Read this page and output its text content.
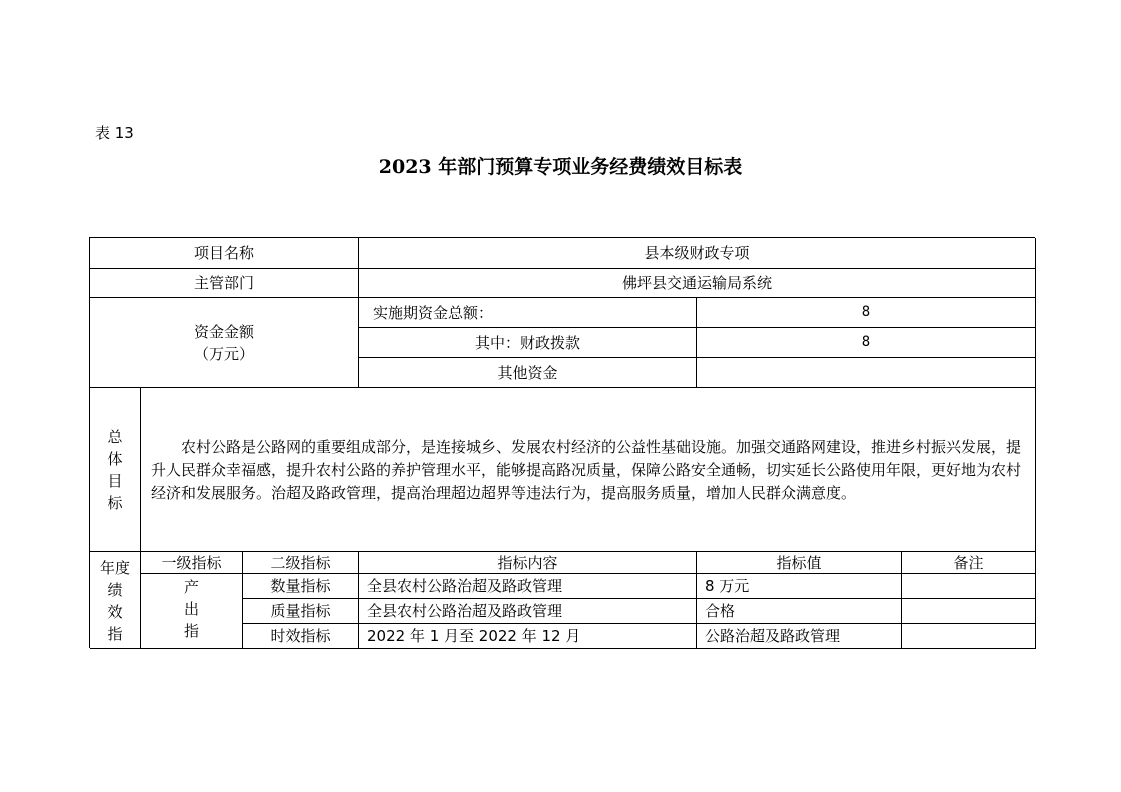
表 13
2023 年部门预算专项业务经费绩效目标表
项目名称	县本级财政专项
主管部门	佛坪县交通运输局系统
资金金额
（万元）
实施期资金总额：	8
其中：财政拨款	8
其他资金
总
体
目
标

农村公路是公路网的重要组成部分，是连接城乡、发展农村经济的公益性基础设施。加强交通路网建设，推进乡村振兴发展，提升人民群众幸福感，提升农村公路的养护管理水平，能够提高路况质量，保障公路安全通畅，切实延长公路使用年限，更好地为农村经济和发展服务。治超及路政管理，提高治理超边超界等违法行为，提高服务质量，增加人民群众满意度。

年度
绩
效
指
一级指标	二级指标	指标内容	指标值	备注
产
出
指
数量指标	全县农村公路治超及路政管理	8 万元
质量指标	全县农村公路治超及路政管理	合格
时效指标	2022 年 1 月至 2022 年 12 月	公路治超及路政管理
